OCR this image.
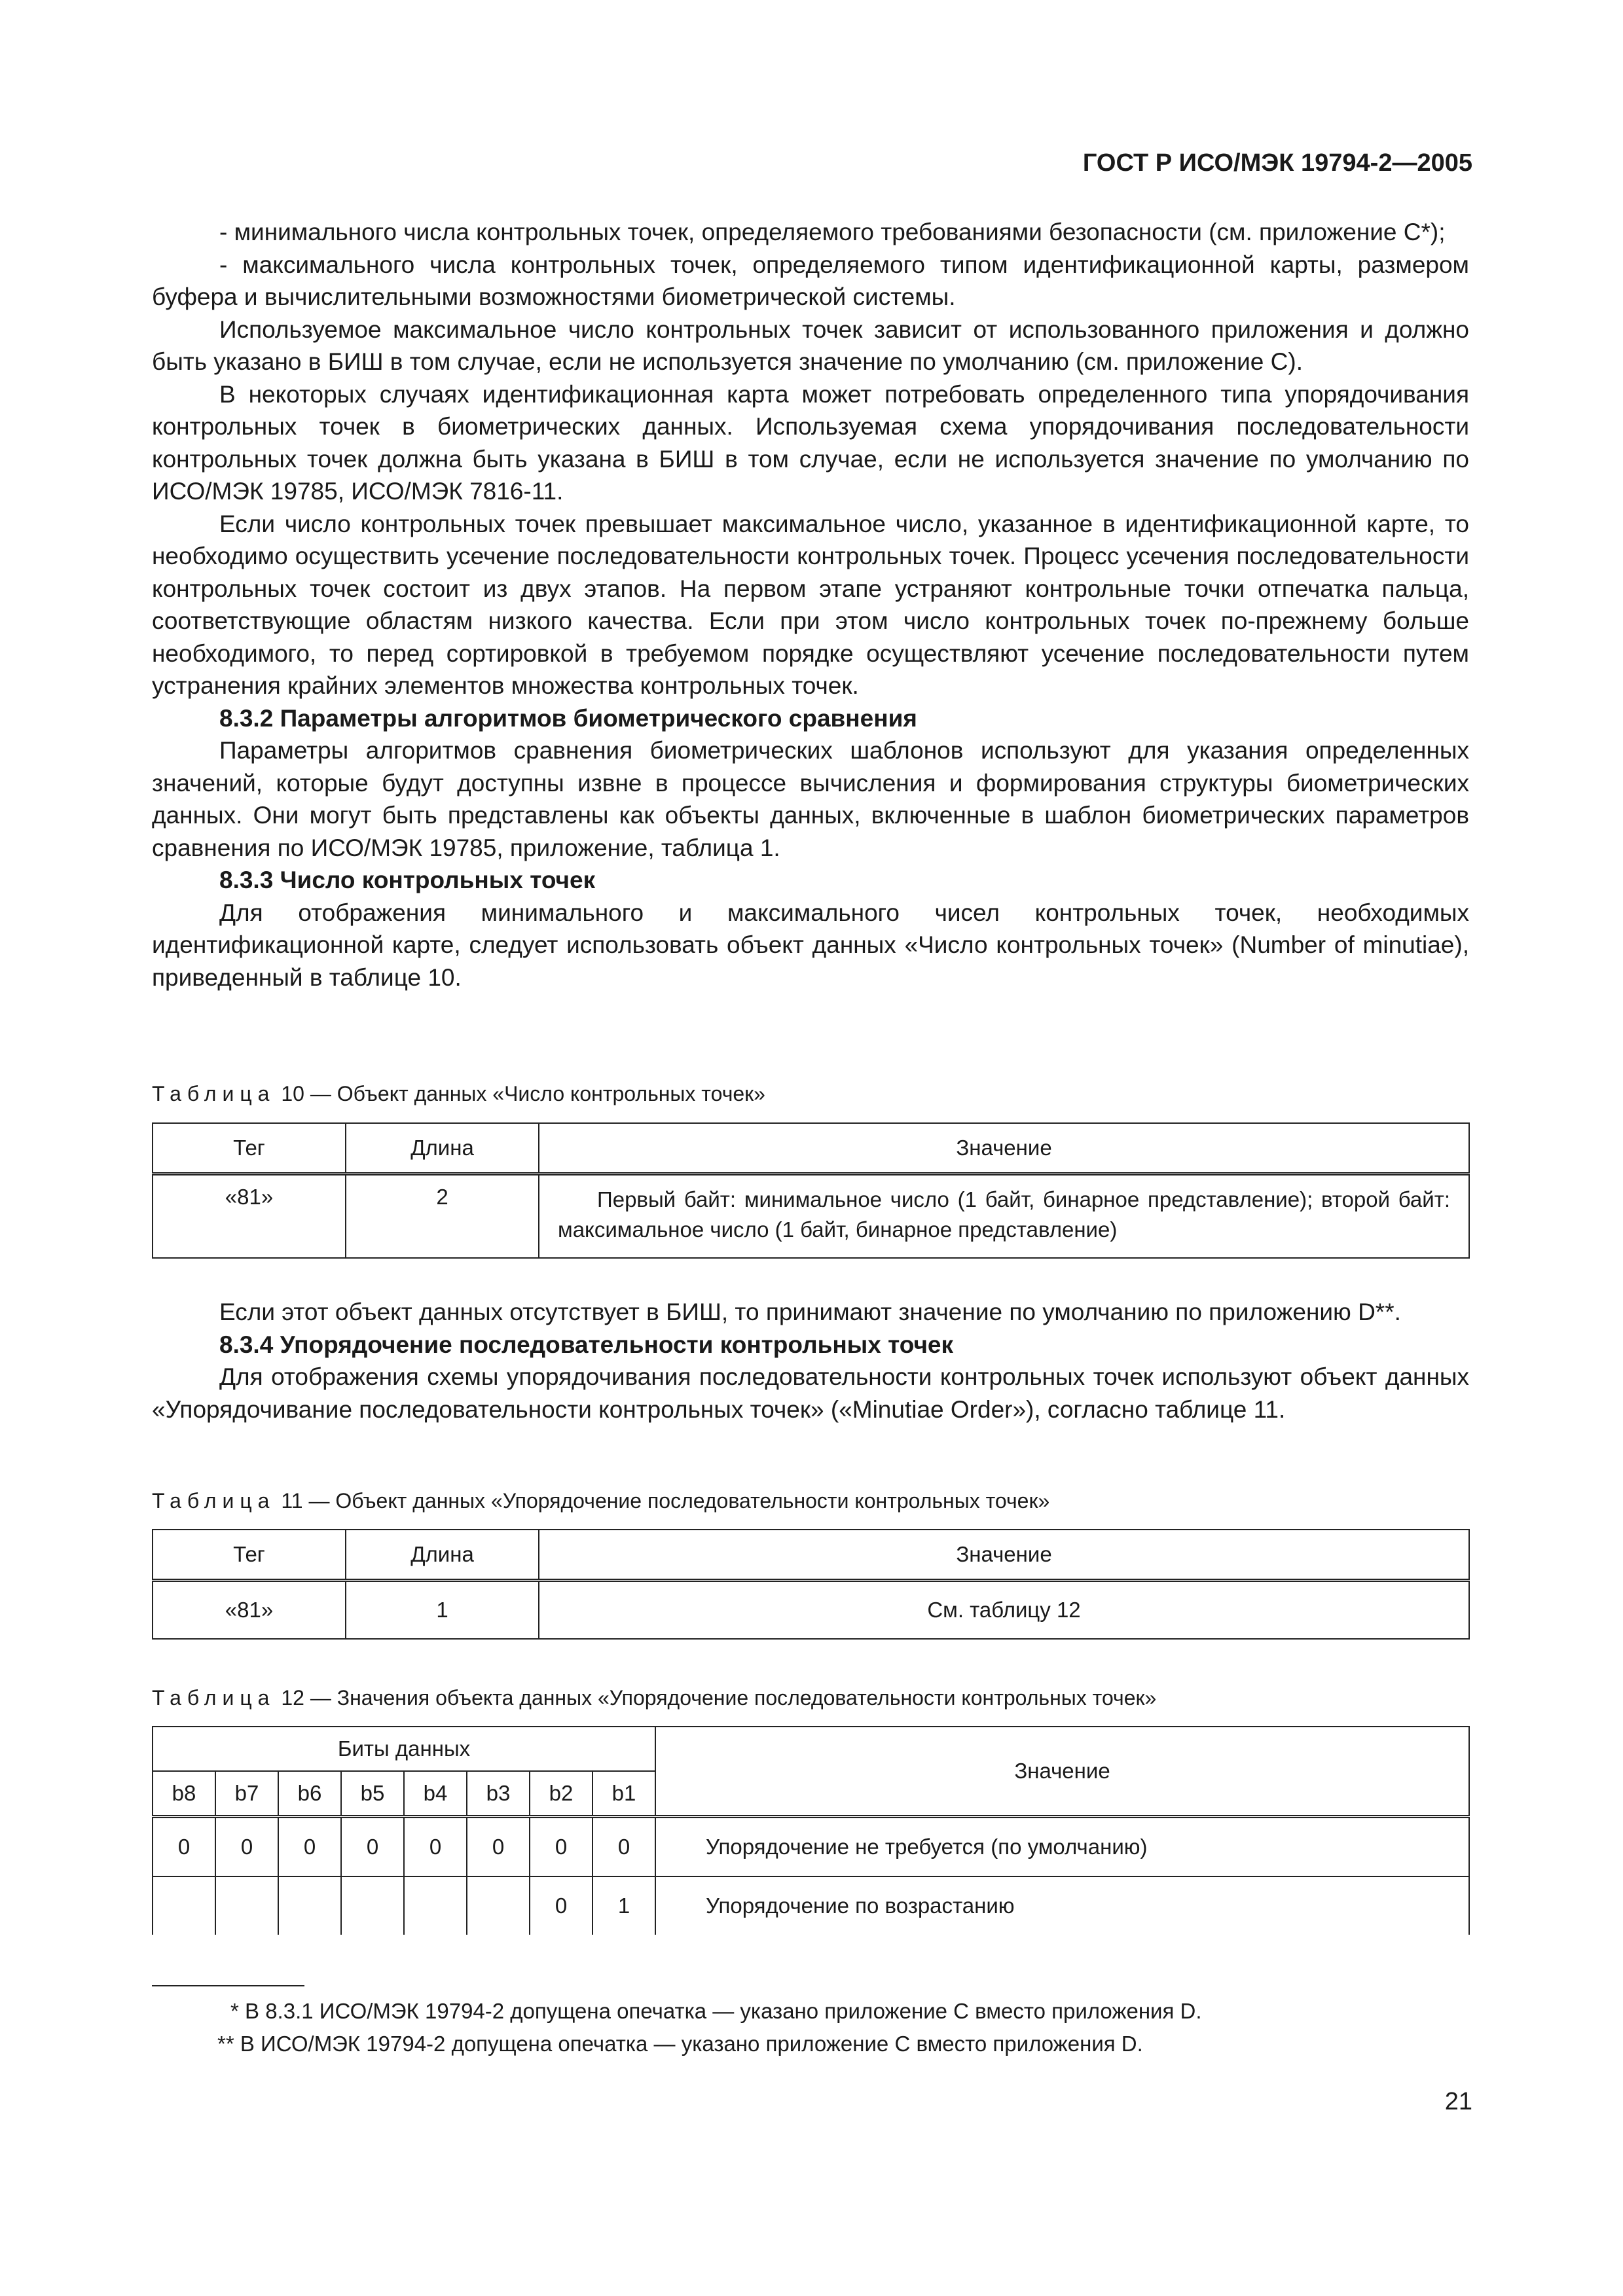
ГОСТ Р ИСО/МЭК 19794-2—2005

- минимального числа контрольных точек, определяемого требованиями безопасности (см. приложение С*);

- максимального числа контрольных точек, определяемого типом идентификационной карты, размером буфера и вычислительными возможностями биометрической системы.

Используемое максимальное число контрольных точек зависит от использованного приложения и должно быть указано в БИШ в том случае, если не используется значение по умолчанию (см. приложение С).

В некоторых случаях идентификационная карта может потребовать определенного типа упорядочивания контрольных точек в биометрических данных. Используемая схема упорядочивания последовательности контрольных точек должна быть указана в БИШ в том случае, если не используется значение по умолчанию по ИСО/МЭК 19785, ИСО/МЭК 7816-11.

Если число контрольных точек превышает максимальное число, указанное в идентификационной карте, то необходимо осуществить усечение последовательности контрольных точек. Процесс усечения последовательности контрольных точек состоит из двух этапов. На первом этапе устраняют контрольные точки отпечатка пальца, соответствующие областям низкого качества. Если при этом число контрольных точек по-прежнему больше необходимого, то перед сортировкой в требуемом порядке осуществляют усечение последовательности путем устранения крайних элементов множества контрольных точек.

8.3.2 Параметры алгоритмов биометрического сравнения

Параметры алгоритмов сравнения биометрических шаблонов используют для указания определенных значений, которые будут доступны извне в процессе вычисления и формирования структуры биометрических данных. Они могут быть представлены как объекты данных, включенные в шаблон биометрических параметров сравнения по ИСО/МЭК 19785, приложение, таблица 1.

8.3.3 Число контрольных точек

Для отображения минимального и максимального чисел контрольных точек, необходимых идентификационной карте, следует использовать объект данных «Число контрольных точек» (Number of minutiae), приведенный в таблице 10.

Таблица 10 — Объект данных «Число контрольных точек»
Тег	Длина	Значение
«81»	2	Первый байт: минимальное число (1 байт, бинарное представление); второй байт: максимальное число (1 байт, бинарное представление)

Если этот объект данных отсутствует в БИШ, то принимают значение по умолчанию по приложению D**.

8.3.4 Упорядочение последовательности контрольных точек

Для отображения схемы упорядочивания последовательности контрольных точек используют объект данных «Упорядочивание последовательности контрольных точек» («Minutiae Order»), согласно таблице 11.

Таблица 11 — Объект данных «Упорядочение последовательности контрольных точек»
Тег	Длина	Значение
«81»	1	См. таблицу 12
Таблица 12 — Значения объекта данных «Упорядочение последовательности контрольных точек»
Биты данных								Значение
b8	b7	b6	b5	b4	b3	b2	b1	
0	0	0	0	0	0	0	0	Упорядочение не требуется (по умолчанию)
						0	1	Упорядочение по возрастанию
* В 8.3.1 ИСО/МЭК 19794-2 допущена опечатка — указано приложение С вместо приложения D.
** В ИСО/МЭК 19794-2 допущена опечатка — указано приложение С вместо приложения D.
21
